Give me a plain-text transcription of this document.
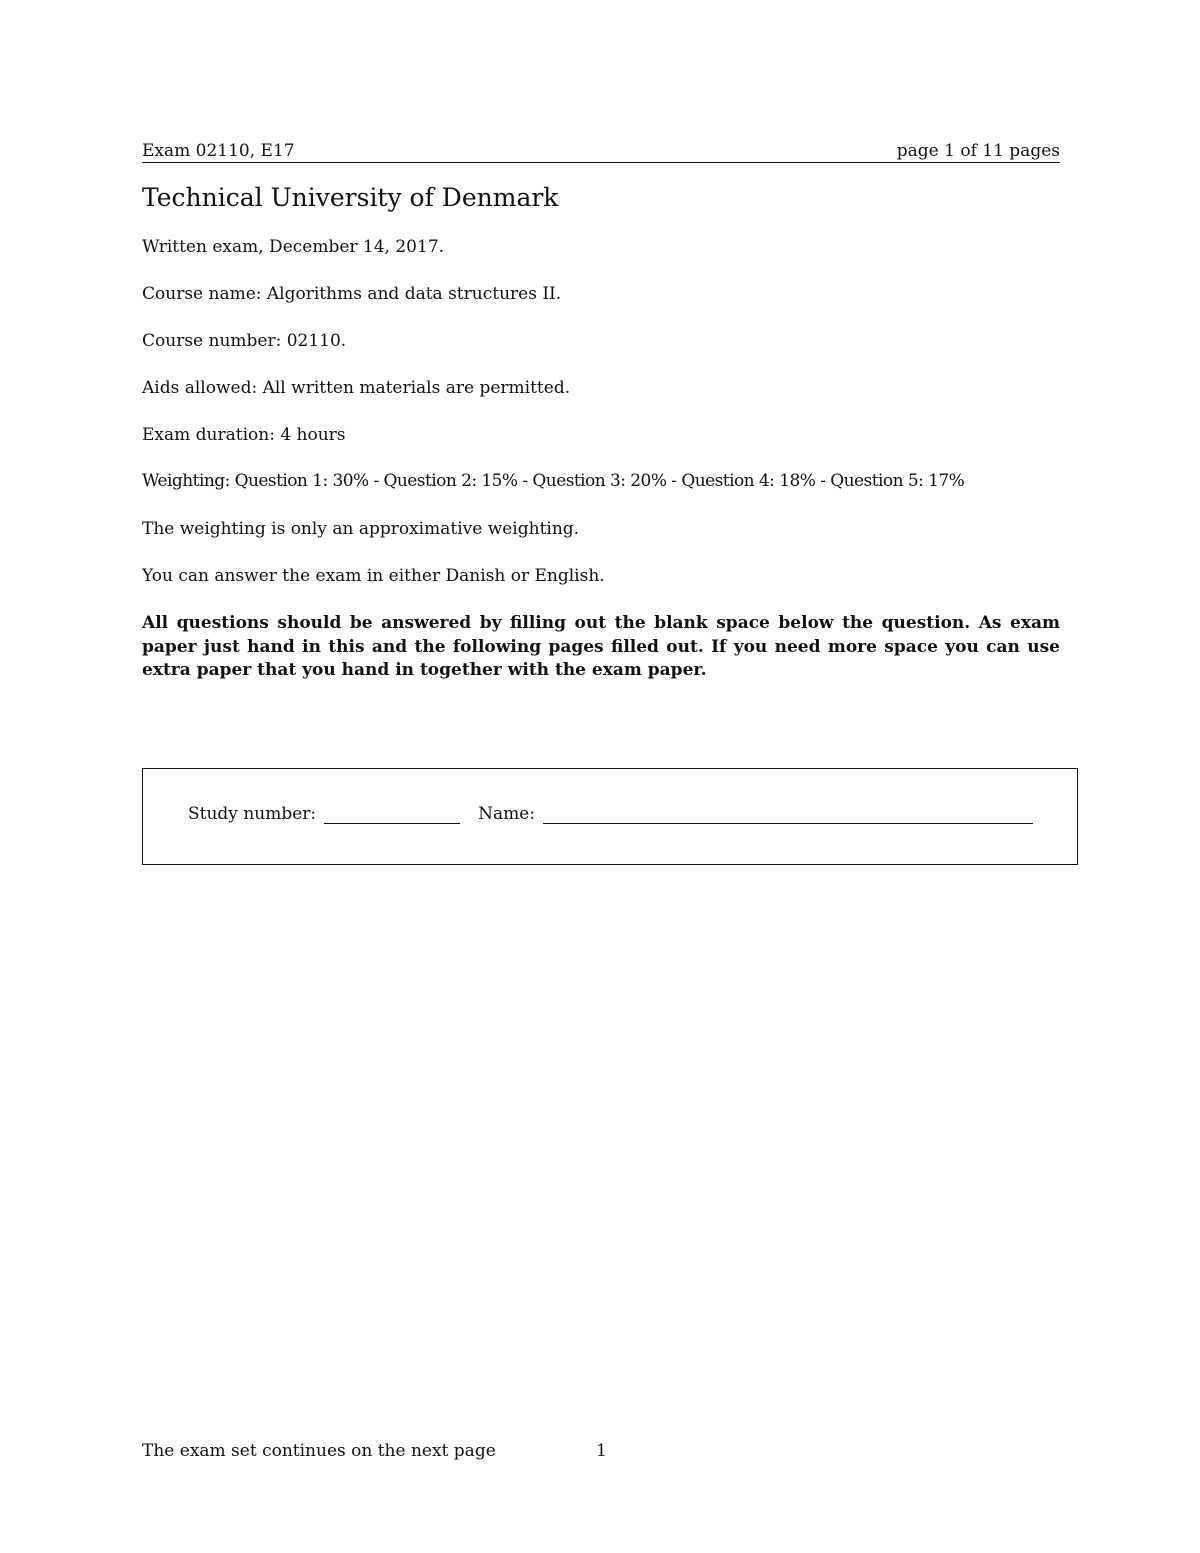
Exam 02110, E17	page 1 of 11 pages
Technical University of Denmark
Written exam, December 14, 2017.
Course name: Algorithms and data structures II.
Course number: 02110.
Aids allowed: All written materials are permitted.
Exam duration: 4 hours
Weighting: Question 1: 30% - Question 2: 15% - Question 3: 20% - Question 4: 18% - Question 5: 17%
The weighting is only an approximative weighting.
You can answer the exam in either Danish or English.
All questions should be answered by filling out the blank space below the question. As exam paper just hand in this and the following pages filled out. If you need more space you can use extra paper that you hand in together with the exam paper.
Study number:	Name:
The exam set continues on the next page	1
